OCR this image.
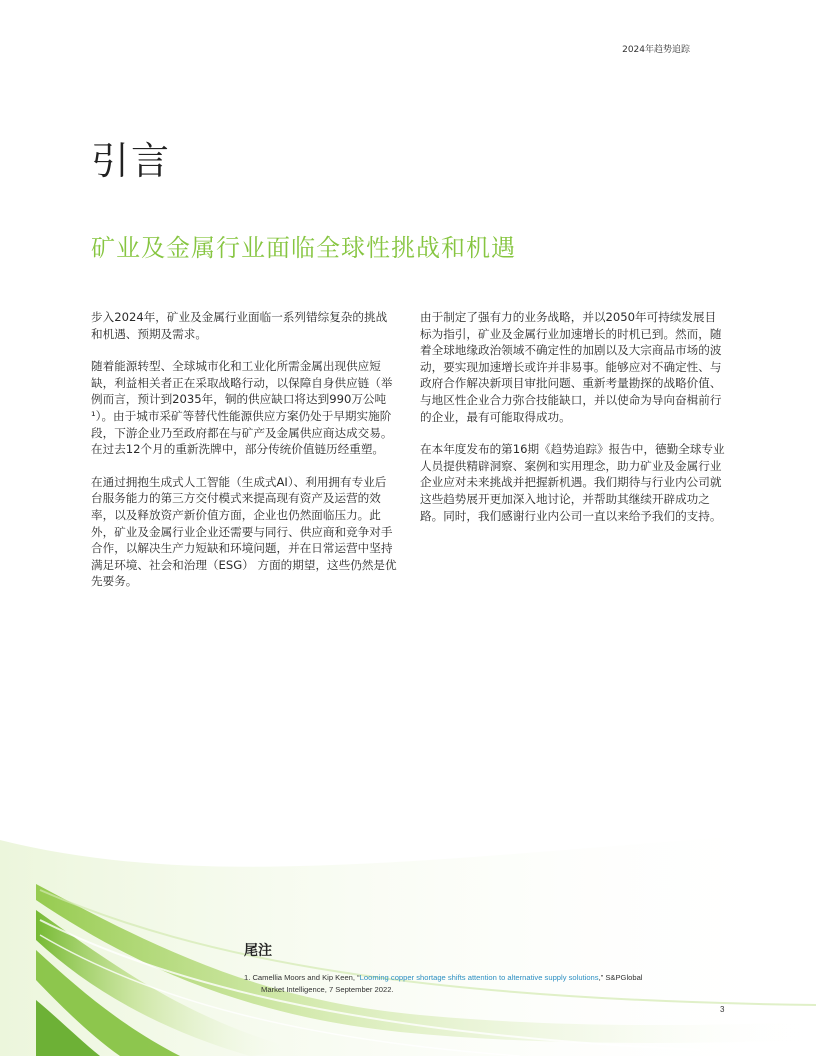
2024年趋势追踪
引言
矿业及金属行业面临全球性挑战和机遇

步入2024年，矿业及金属行业面临一系列错综复杂的挑战和机遇、预期及需求。

随着能源转型、全球城市化和工业化所需金属出现供应短缺，利益相关者正在采取战略行动，以保障自身供应链（举例而言，预计到2035年，铜的供应缺口将达到990万公吨¹）。由于城市采矿等替代性能源供应方案仍处于早期实施阶段，下游企业乃至政府都在与矿产及金属供应商达成交易。在过去12个月的重新洗牌中，部分传统价值链历经重塑。

在通过拥抱生成式人工智能（生成式AI）、利用拥有专业后台服务能力的第三方交付模式来提高现有资产及运营的效率，以及释放资产新价值方面，企业也仍然面临压力。此外，矿业及金属行业企业还需要与同行、供应商和竞争对手合作，以解决生产力短缺和环境问题，并在日常运营中坚持满足环境、社会和治理（ESG） 方面的期望，这些仍然是优先要务。

由于制定了强有力的业务战略，并以2050年可持续发展目标为指引，矿业及金属行业加速增长的时机已到。然而，随着全球地缘政治领域不确定性的加剧以及大宗商品市场的波动，要实现加速增长或许并非易事。能够应对不确定性、与政府合作解决新项目审批问题、重新考量勘探的战略价值、与地区性企业合力弥合技能缺口，并以使命为导向奋楫前行的企业，最有可能取得成功。

在本年度发布的第16期《趋势追踪》报告中，德勤全球专业人员提供精辟洞察、案例和实用理念，助力矿业及金属行业企业应对未来挑战并把握新机遇。我们期待与行业内公司就这些趋势展开更加深入地讨论，并帮助其继续开辟成功之路。同时，我们感谢行业内公司一直以来给予我们的支持。

尾注
1. Camellia Moors and Kip Keen, “Looming copper shortage shifts attention to alternative supply solutions,” S&PGlobal
Market Intelligence, 7 September 2022.
3
